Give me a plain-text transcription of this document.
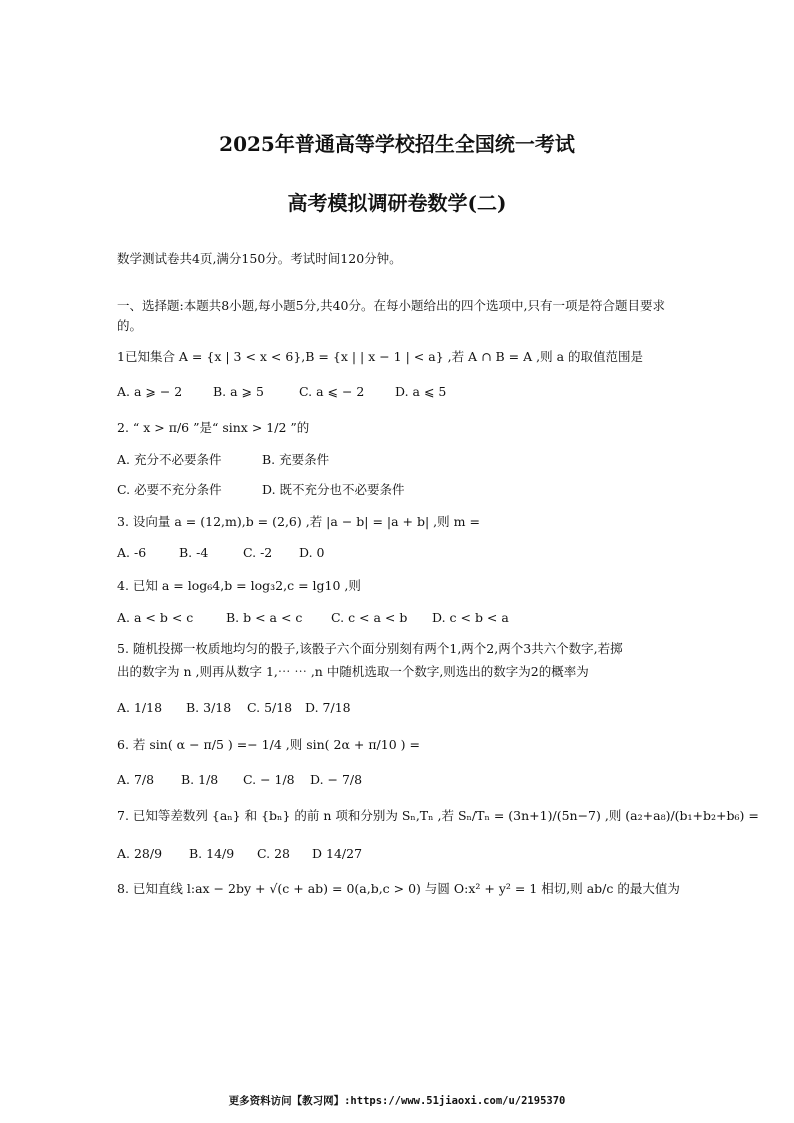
2025年普通高等学校招生全国统一考试
高考模拟调研卷数学(二)
数学测试卷共4页,满分150分。考试时间120分钟。
一、选择题:本题共8小题,每小题5分,共40分。在每小题给出的四个选项中,只有一项是符合题目要求的。
1已知集合 A = {x | 3 < x < 6},B = {x | | x − 1 | < a} ,若 A ∩ B = A ,则 a 的取值范围是
A. a ⩾ − 2 B. a ⩾ 5	C. a ⩽ − 2 D. a ⩽ 5
2. “ x > π/6 ”是“ sinx > 1/2 ”的
A. 充分不必要条件	B. 充要条件
C. 必要不充分条件	D. 既不充分也不必要条件
3. 设向量 a = (12,m),b = (2,6) ,若 |a − b| = |a + b| ,则 m =
A. -6	B. -4	C. -2 D. 0
4. 已知 a = log₆4,b = log₃2,c = lg10 ,则
A. a < b < c	B. b < a < c C. c < a < b D. c < b < a
5. 随机投掷一枚质地均匀的骰子,该骰子六个面分别刻有两个1,两个2,两个3共六个数字,若掷
出的数字为 n ,则再从数字 1,⋯ ⋯ ,n 中随机选取一个数字,则选出的数字为2的概率为
A. 1/18 B. 3/18 C. 5/18 D. 7/18
6. 若 sin( α − π/5 ) =− 1/4 ,则 sin( 2α + π/10 ) =
A. 7/8 B. 1/8 C. − 1/8 D. − 7/8
7. 已知等差数列 {aₙ} 和 {bₙ} 的前 n 项和分别为 Sₙ,Tₙ ,若 Sₙ/Tₙ = (3n+1)/(5n−7) ,则 (a₂+a₈)/(b₁+b₂+b₆) =
A. 28/9 B. 14/9 C. 28 D 14/27
8. 已知直线 l:ax − 2by + √(c + ab) = 0(a,b,c > 0) 与圆 O:x² + y² = 1 相切,则 ab/c 的最大值为
更多资料访问【教习网】:https://www.51jiaoxi.com/u/2195370
